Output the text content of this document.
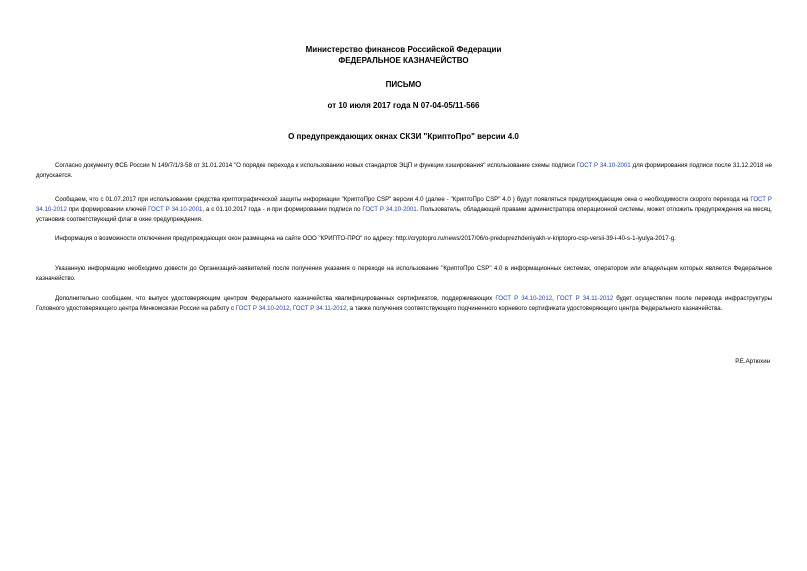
Министерство финансов Российской Федерации
ФЕДЕРАЛЬНОЕ КАЗНАЧЕЙСТВО
ПИСЬМО
от 10 июля 2017 года N 07-04-05/11-566
О предупреждающих окнах СКЗИ "КриптоПро" версии 4.0
Согласно документу ФСБ России N 149/7/1/3-58 от 31.01.2014 "О порядке перехода к использованию новых стандартов ЭЦП и функции хэширования" использование схемы подписи ГОСТ Р 34.10-2001 для формирования подписи после 31.12.2018 не допускается.
Сообщаем, что с 01.07.2017 при использовании средства криптографической защиты информации "КриптоПро CSP" версии 4.0 (далее - "КриптоПро CSP" 4.0 ) будут появляться предупреждающие окна о необходимости скорого перехода на ГОСТ Р 34.10-2012 при формировании ключей ГОСТ Р 34.10-2001, а с 01.10.2017 года - и при формировании подписи по ГОСТ Р 34.10-2001. Пользователь, обладающий правами администратора операционной системы, может отложить предупреждения на месяц, установив соответствующий флаг в окне предупреждения.
Информация о возможности отключения предупреждающих окон размещена на сайте ООО "КРИПТО-ПРО" по адресу: http://cryptopro.ru/news/2017/06/o-preduprezhdeniyakh-v-kriptopro-csp-versii-39-i-40-s-1-iyulya-2017-g.
Указанную информацию необходимо довести до Организаций-заявителей после получения указания о переходе на использование "КриптоПро CSP" 4.0 в информационных системах, оператором или владельцем которых является Федеральное казначейство.
Дополнительно сообщаем, что выпуск удостоверяющим центром Федерального казначейства квалифицированных сертификатов, поддерживающих ГОСТ Р 34.10-2012, ГОСТ Р 34.11-2012 будет осуществлен после перевода инфраструктуры Головного удостоверяющего центра Минкомсвязи России на работу с ГОСТ Р 34.10-2012, ГОСТ Р 34.11-2012, а также получения соответствующего подчиненного корневого сертификата удостоверяющего центра Федерального казначейства.
Р.Е.Артюхин
